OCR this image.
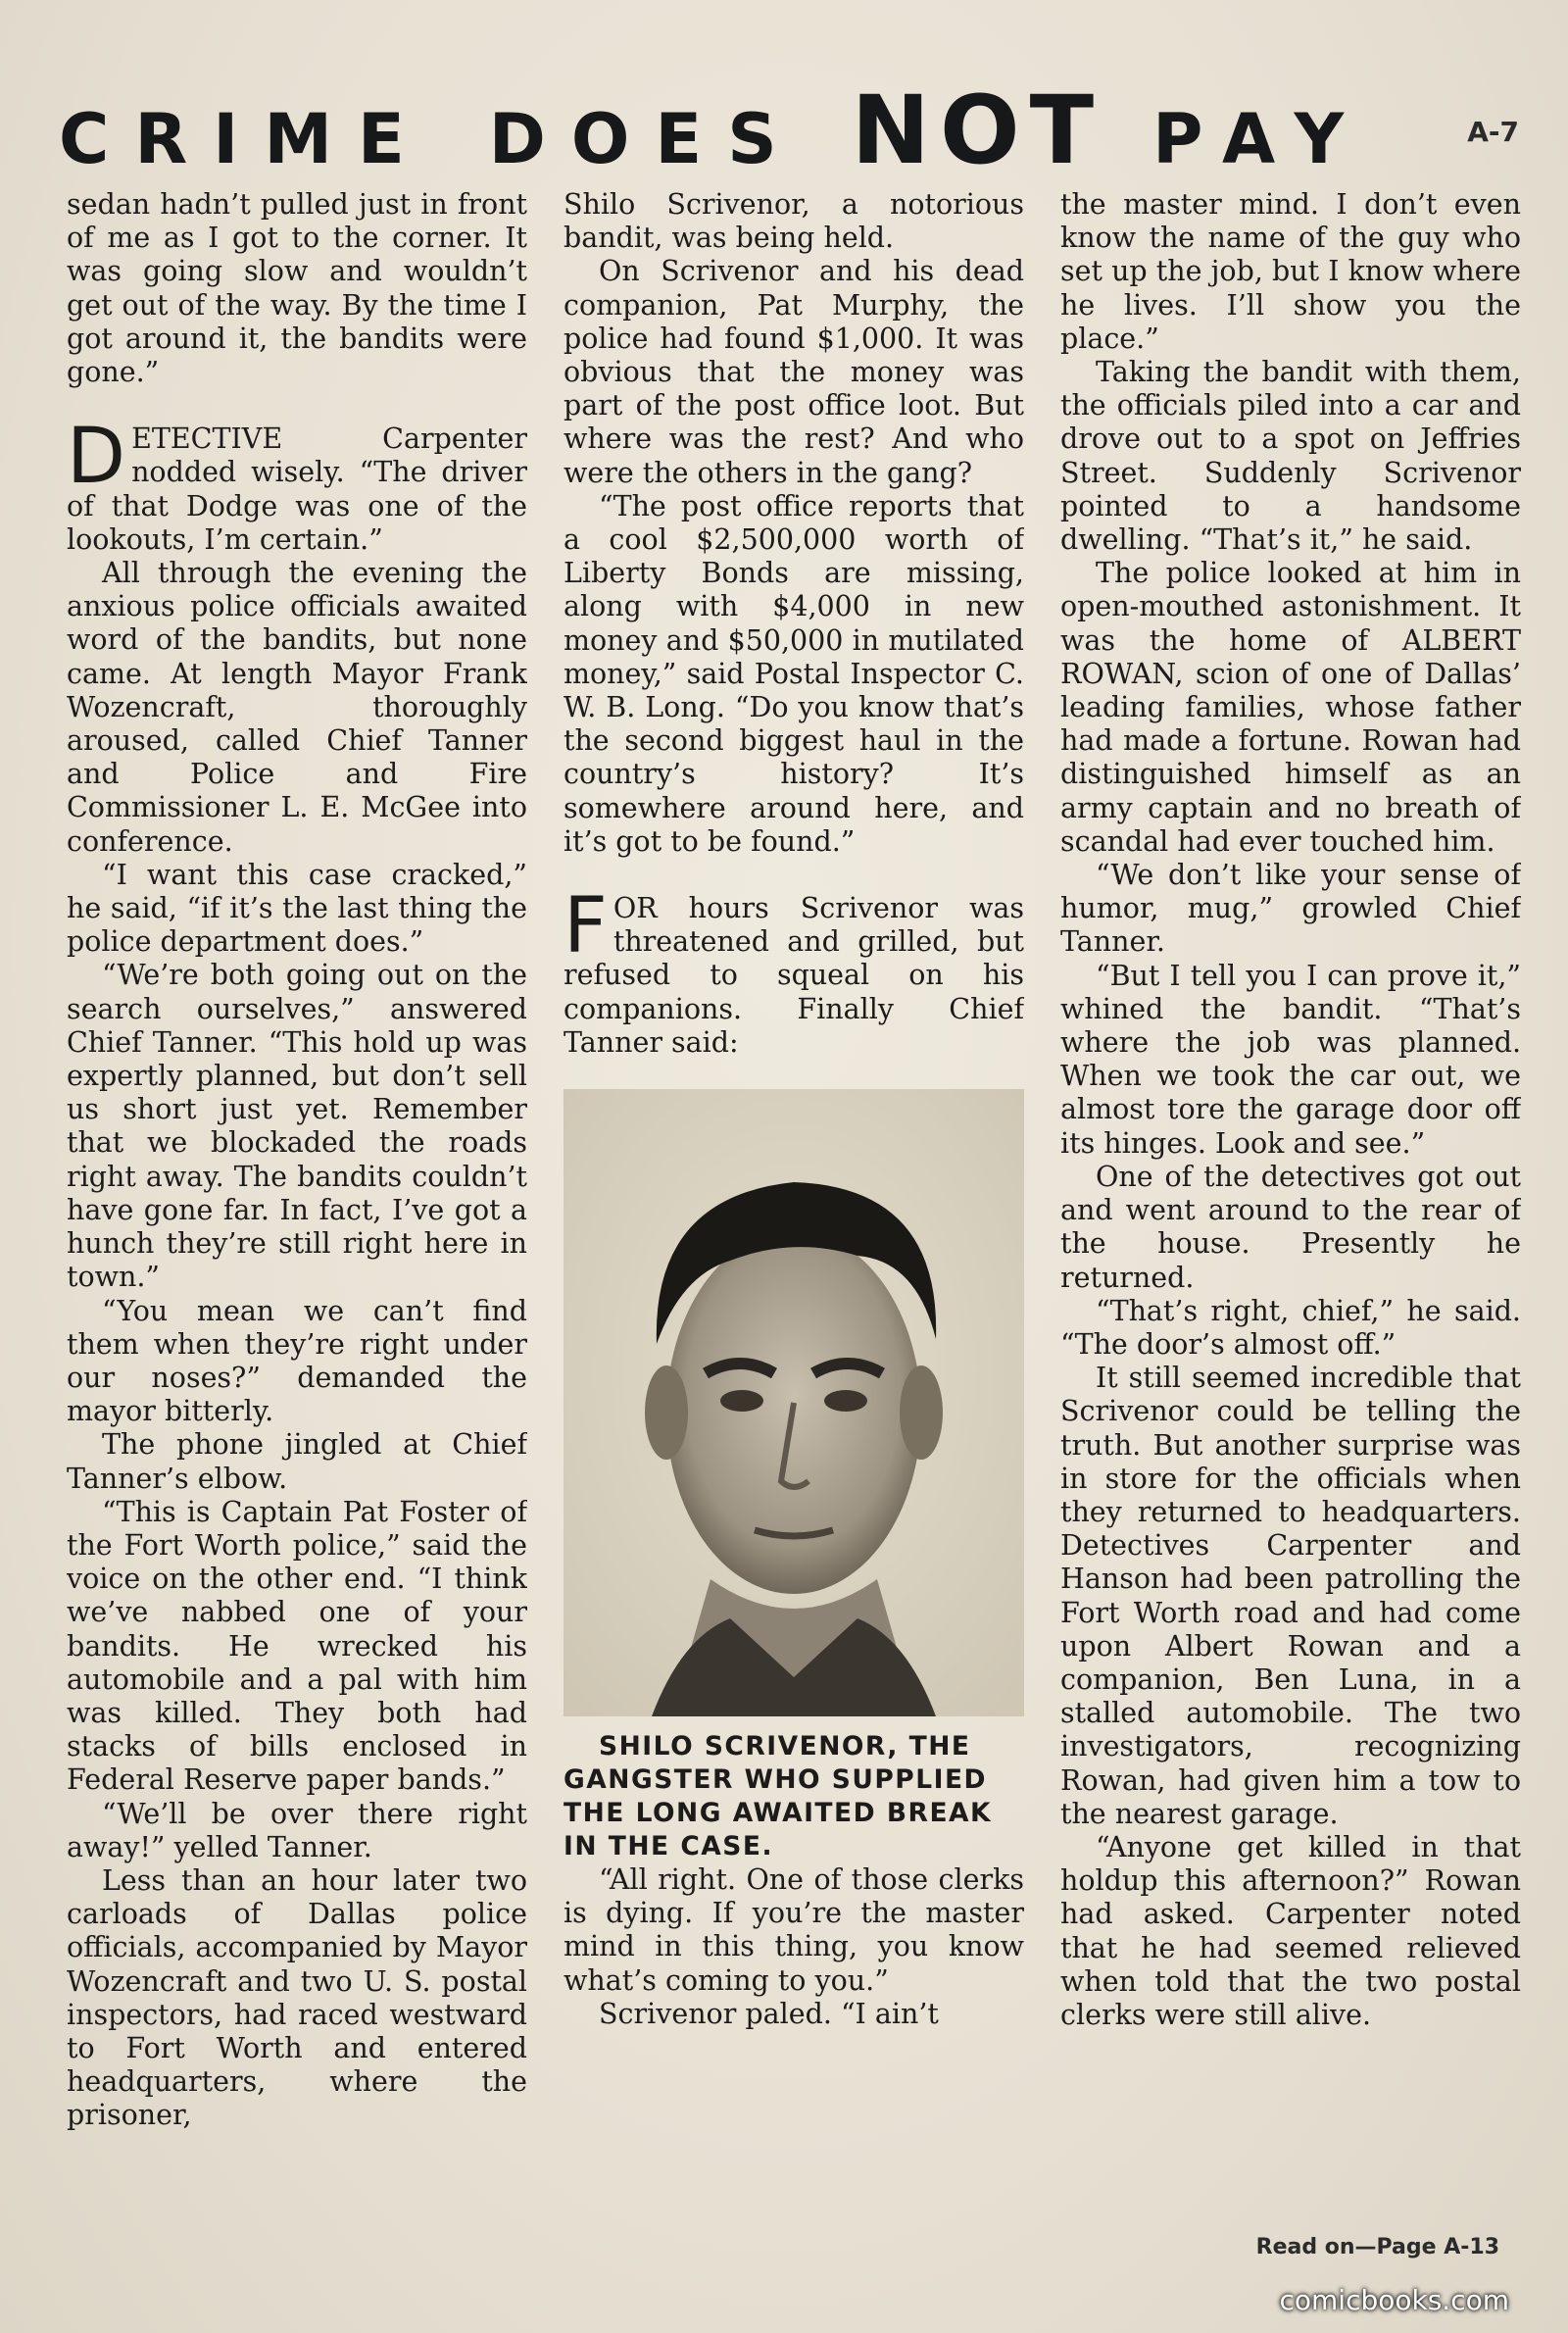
CRIME DOES NOT PAY	A-7

sedan hadn’t pulled just in front of me as I got to the corner. It was going slow and wouldn’t get out of the way. By the time I got around it, the bandits were gone.”

DETECTIVE Carpenter nodded wisely. “The driver of that Dodge was one of the lookouts, I’m certain.”

All through the evening the anxious police officials awaited word of the bandits, but none came. At length Mayor Frank Wozencraft, thoroughly aroused, called Chief Tanner and Police and Fire Commissioner L. E. McGee into conference.

“I want this case cracked,” he said, “if it’s the last thing the police department does.”

“We’re both going out on the search ourselves,” answered Chief Tanner. “This hold up was expertly planned, but don’t sell us short just yet. Remember that we blockaded the roads right away. The bandits couldn’t have gone far. In fact, I’ve got a hunch they’re still right here in town.”

“You mean we can’t find them when they’re right under our noses?” demanded the mayor bitterly.

The phone jingled at Chief Tanner’s elbow.

“This is Captain Pat Foster of the Fort Worth police,” said the voice on the other end. “I think we’ve nabbed one of your bandits. He wrecked his automobile and a pal with him was killed. They both had stacks of bills enclosed in Federal Reserve paper bands.”

“We’ll be over there right away!” yelled Tanner.

Less than an hour later two carloads of Dallas police officials, accompanied by Mayor Wozencraft and two U. S. postal inspectors, had raced westward to Fort Worth and entered headquarters, where the prisoner,

Shilo Scrivenor, a notorious bandit, was being held.

On Scrivenor and his dead companion, Pat Murphy, the police had found $1,000. It was obvious that the money was part of the post office loot. But where was the rest? And who were the others in the gang?

“The post office reports that a cool $2,500,000 worth of Liberty Bonds are missing, along with $4,000 in new money and $50,000 in mutilated money,” said Postal Inspector C. W. B. Long. “Do you know that’s the second biggest haul in the country’s history? It’s somewhere around here, and it’s got to be found.”

FOR hours Scrivenor was threatened and grilled, but refused to squeal on his companions. Finally Chief Tanner said:

SHILO SCRIVENOR, THE GANGSTER WHO SUPPLIED THE LONG AWAITED BREAK IN THE CASE.

“All right. One of those clerks is dying. If you’re the master mind in this thing, you know what’s coming to you.”

Scrivenor paled. “I ain’t

the master mind. I don’t even know the name of the guy who set up the job, but I know where he lives. I’ll show you the place.”

Taking the bandit with them, the officials piled into a car and drove out to a spot on Jeffries Street. Suddenly Scrivenor pointed to a handsome dwelling. “That’s it,” he said.

The police looked at him in open-mouthed astonishment. It was the home of ALBERT ROWAN, scion of one of Dallas’ leading families, whose father had made a fortune. Rowan had distinguished himself as an army captain and no breath of scandal had ever touched him.

“We don’t like your sense of humor, mug,” growled Chief Tanner.

“But I tell you I can prove it,” whined the bandit. “That’s where the job was planned. When we took the car out, we almost tore the garage door off its hinges. Look and see.”

One of the detectives got out and went around to the rear of the house. Presently he returned.

“That’s right, chief,” he said. “The door’s almost off.”

It still seemed incredible that Scrivenor could be telling the truth. But another surprise was in store for the officials when they returned to headquarters. Detectives Carpenter and Hanson had been patrolling the Fort Worth road and had come upon Albert Rowan and a companion, Ben Luna, in a stalled automobile. The two investigators, recognizing Rowan, had given him a tow to the nearest garage.

“Anyone get killed in that holdup this afternoon?” Rowan had asked. Carpenter noted that he had seemed relieved when told that the two postal clerks were still alive.

Read on—Page A-13
comicbooks.com
